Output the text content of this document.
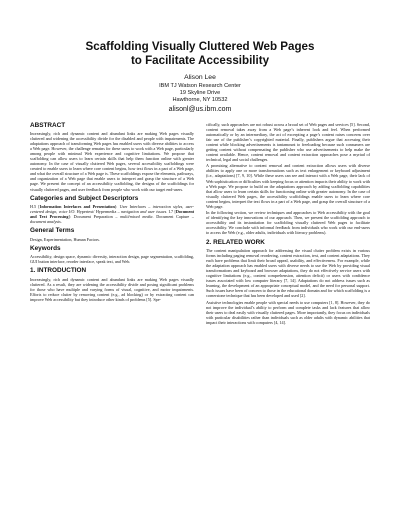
Scaffolding Visually Cluttered Web Pages
to Facilitate Accessibility
Alison Lee
IBM TJ Watson Research Center
19 Skyline Drive
Hawthorne, NY 10532
alisonl@us.ibm.com
ABSTRACT

Increasingly, rich and dynamic content and abundant links are making Web pages visually cluttered and widening the accessibility divide for the disabled and people with impairments. The adaptations approach of transforming Web pages has enabled users with diverse abilities to access a Web page. However, the challenge remains for these users to work with a Web page, particularly among people with minimal Web experience and cognitive limitations. We propose that scaffolding can allow users to learn certain skills that help them function online with greater autonomy. In the case of visually cluttered Web pages, several accessibility scaffoldings were created to enable users to learn where core content begins, how text flows in a part of a Web page, and what the overall structure of a Web page is. These scaffoldings expose the elements, pathways, and organization of a Web page that enable users to interpret and grasp the structure of a Web page. We present the concept of an accessibility scaffolding, the designs of the scaffoldings for visually cluttered pages, and user feedback from people who work with our target end-users.

Categories and Subject Descriptors

H.5 [Information Interfaces and Presentation]: User Interfaces – interaction styles, user-centered design, voice I/O. Hypertext/ Hypermedia – navigation and user issues. I.7 [Document and Text Processing]: Document Preparation – multi/mixed media. Document Capture – document analysis.

General Terms

Design, Experimentation, Human Factors.

Keywords

Accessibility, design space, dynamic diversity, interaction design, page segmentation, scaffolding, GUI button interface, reorder interface, speak text, and Web.

1. INTRODUCTION

Increasingly, rich and dynamic content and abundant links are making Web pages visually cluttered. As a result, they are widening the accessibility divide and posing significant problems for those who have multiple and varying forms of visual, cognitive, and motor impairments. Efforts to reduce clutter by removing content (e.g., ad blocking) or by extracting content can improve Web accessibility but they introduce other kinds of problems [5]. Spe-

cifically, such approaches are not robust across a broad set of Web pages and services [5]. Second, content removal takes away from a Web page’s inherent look and feel. When performed automatically or by an intermediary, the act of excerpting a page’s content raises concerns over fair use of the publisher’s copyrighted material. Finally, publishers argue that accessing their content while blocking advertisements is tantamount to freeloading because such consumers are getting content without compensating the publisher who use advertisements to help make the content available. Hence, content removal and content extraction approaches pose a myriad of technical, legal and social challenges.

A promising alternative to content removal and content extraction allows users with diverse abilities to apply one or more transformations such as text enlargement or keyboard adjustment (i.e., adaptations) [7, 9, 10]. While these users can see and interact with a Web page, their lack of Web sophistication or difficulties with keeping focus or attention impacts their ability to work with a Web page. We propose to build on the adaptations approach by adding scaffolding capabilities that allow users to learn certain skills for functioning online with greater autonomy. In the case of visually cluttered Web pages, the accessibility scaffoldings enable users to learn where core content begins, interpret the text flows in a part of a Web page, and grasp the overall structure of a Web page.

In the following section, we review techniques and approaches to Web accessibility with the goal of identifying the key innovations of our approach. Then, we present the scaffolding approach to accessibility and its instantiation for scaffolding visually cluttered Web pages to facilitate accessibility. We conclude with informal feedback from individuals who work with our end-users to access the Web (e.g., older adults, individuals with literacy problems).

2. RELATED WORK

The content manipulation approach for addressing the visual clutter problem exists in various forms including paging removal reordering, content extraction, text, and content adaptations. They each have problems that limit their broad appeal, usability, and effectiveness. For example, while the adaptation approach has enabled users with diverse needs to use the Web by providing visual transformations and keyboard and browser adaptations, they do not effectively service users with cognitive limitations (e.g., content comprehension, attention deficit) or users with confidence issues associated with low computer literacy [7, 14]. Adaptations do not address issues such as learning, the development of an appropriate conceptual model, and the need for personal support. Such issues have been of concern to those in the educational domain and for which scaffolding is a cornerstone technique that has been developed and used [2].

Assistive technologies enable people with special needs to use computers [1, 8]. However, they do not improve the individual’s ability to perform and complete tasks and lack features that allow their users to deal easily with visually cluttered pages. More importantly, they focus on individuals with particular disabilities rather than individuals such as older adults with dynamic abilities that impact their interactions with computers [4, 14].
